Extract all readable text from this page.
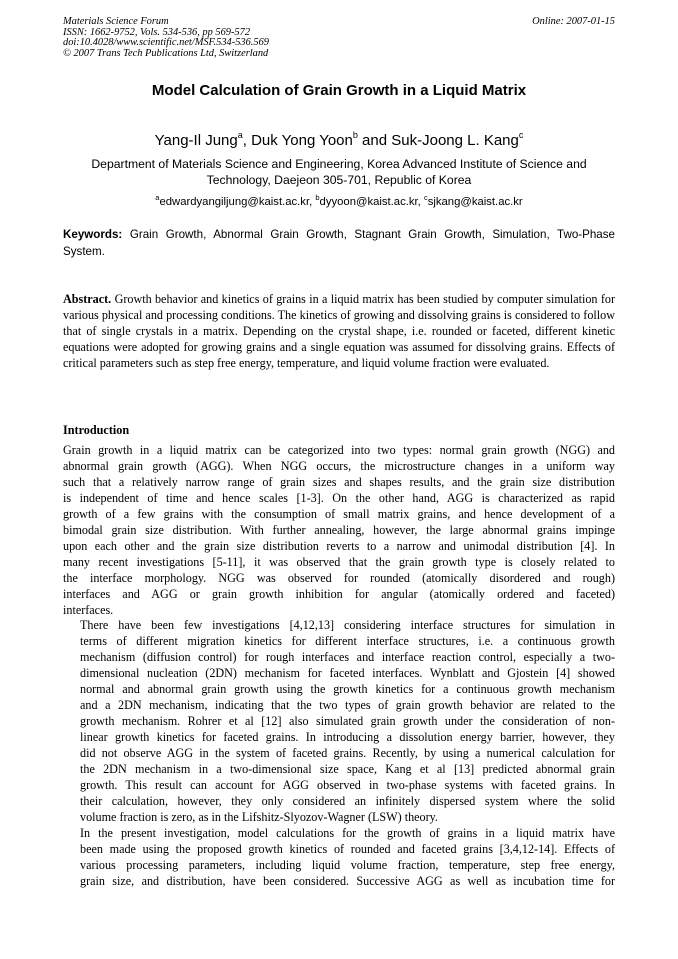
Materials Science Forum
ISSN: 1662-9752, Vols. 534-536, pp 569-572
doi:10.4028/www.scientific.net/MSF.534-536.569
© 2007 Trans Tech Publications Ltd, Switzerland
Online: 2007-01-15
Model Calculation of Grain Growth in a Liquid Matrix
Yang-Il Jung$^a$, Duk Yong Yoon$^b$ and Suk-Joong L. Kang$^c$
Department of Materials Science and Engineering, Korea Advanced Institute of Science and
Technology, Daejeon 305-701, Republic of Korea
$^a$edwardyangiljung@kaist.ac.kr, $^b$dyyoon@kaist.ac.kr, $^c$sjkang@kaist.ac.kr
Keywords: Grain Growth, Abnormal Grain Growth, Stagnant Grain Growth, Simulation, Two-Phase System.
Abstract. Growth behavior and kinetics of grains in a liquid matrix has been studied by computer simulation for various physical and processing conditions. The kinetics of growing and dissolving grains is considered to follow that of single crystals in a matrix. Depending on the crystal shape, i.e. rounded or faceted, different kinetic equations were adopted for growing grains and a single equation was assumed for dissolving grains. Effects of critical parameters such as step free energy, temperature, and liquid volume fraction were evaluated.
Introduction

Grain growth in a liquid matrix can be categorized into two types: normal grain growth (NGG) and
abnormal grain growth (AGG). When NGG occurs, the microstructure changes in a uniform way
such that a relatively narrow range of grain sizes and shapes results, and the grain size distribution
is independent of time and hence scales [1-3]. On the other hand, AGG is characterized as rapid
growth of a few grains with the consumption of small matrix grains, and hence development of a
bimodal grain size distribution. With further annealing, however, the large abnormal grains impinge
upon each other and the grain size distribution reverts to a narrow and unimodal distribution [4]. In
many recent investigations [5-11], it was observed that the grain growth type is closely related to
the interface morphology. NGG was observed for rounded (atomically disordered and rough)
interfaces and AGG or grain growth inhibition for angular (atomically ordered and faceted)
interfaces.

There have been few investigations [4,12,13] considering interface structures for simulation in
terms of different migration kinetics for different interface structures, i.e. a continuous growth
mechanism (diffusion control) for rough interfaces and interface reaction control, especially a two-
dimensional nucleation (2DN) mechanism for faceted interfaces. Wynblatt and Gjostein [4] showed
normal and abnormal grain growth using the growth kinetics for a continuous growth mechanism
and a 2DN mechanism, indicating that the two types of grain growth behavior are related to the
growth mechanism. Rohrer et al [12] also simulated grain growth under the consideration of non-
linear growth kinetics for faceted grains. In introducing a dissolution energy barrier, however, they
did not observe AGG in the system of faceted grains. Recently, by using a numerical calculation for
the 2DN mechanism in a two-dimensional size space, Kang et al [13] predicted abnormal grain
growth. This result can account for AGG observed in two-phase systems with faceted grains. In
their calculation, however, they only considered an infinitely dispersed system where the solid
volume fraction is zero, as in the Lifshitz-Slyozov-Wagner (LSW) theory.

In the present investigation, model calculations for the growth of grains in a liquid matrix have
been made using the proposed growth kinetics of rounded and faceted grains [3,4,12-14]. Effects of
various processing parameters, including liquid volume fraction, temperature, step free energy,
grain size, and distribution, have been considered. Successive AGG as well as incubation time for
